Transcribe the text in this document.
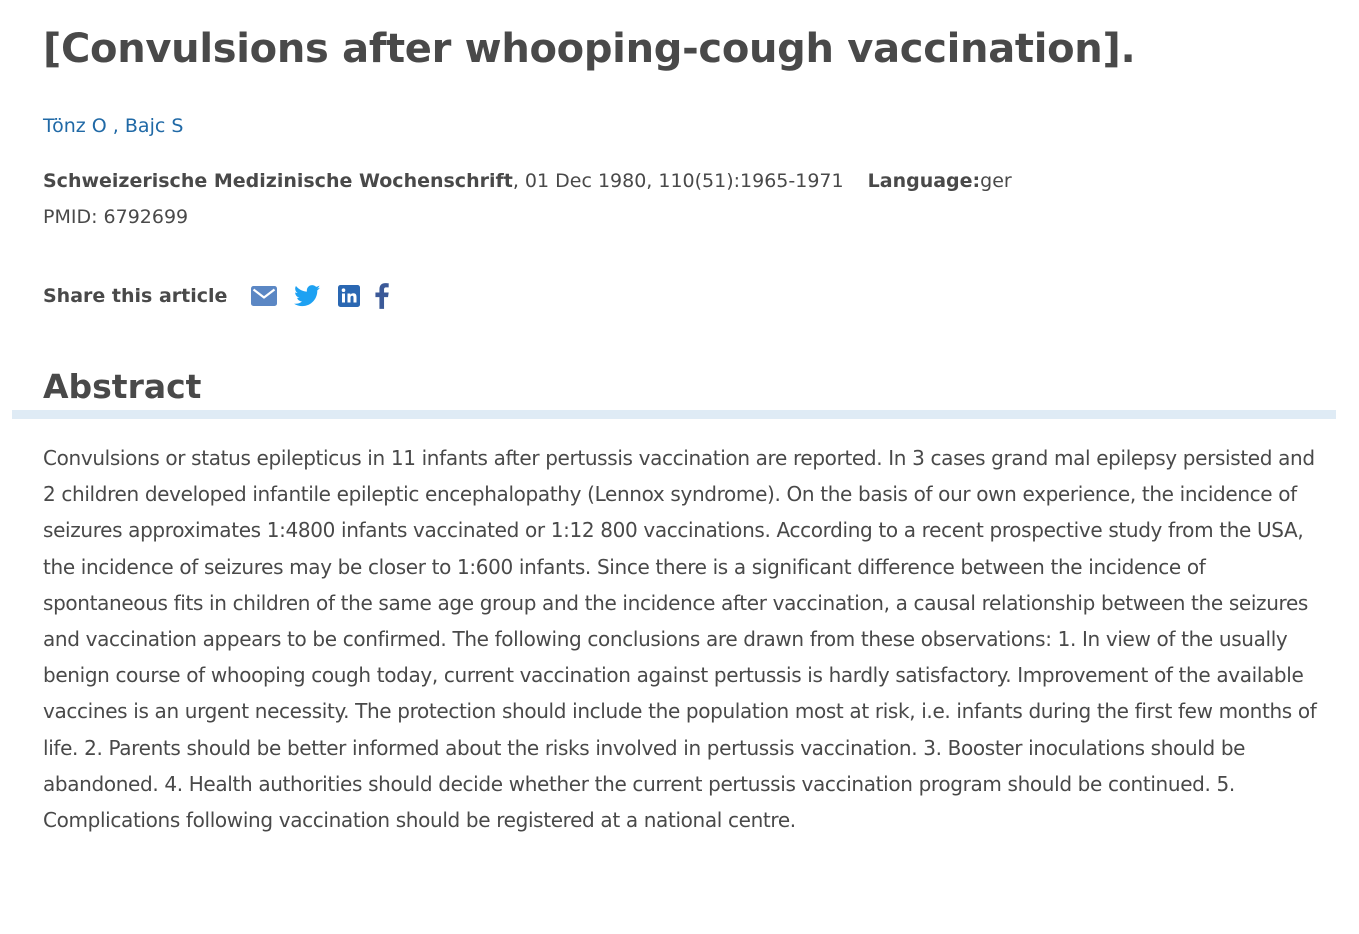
[Convulsions after whooping-cough vaccination].
Tönz O , Bajc S
Schweizerische Medizinische Wochenschrift, 01 Dec 1980, 110(51):1965-1971 Language:ger
PMID: 6792699
Share this article
Abstract

Convulsions or status epilepticus in 11 infants after pertussis vaccination are reported. In 3 cases grand mal epilepsy persisted and 2 children developed infantile epileptic encephalopathy (Lennox syndrome). On the basis of our own experience, the incidence of seizures approximates 1:4800 infants vaccinated or 1:12 800 vaccinations. According to a recent prospective study from the USA, the incidence of seizures may be closer to 1:600 infants. Since there is a significant difference between the incidence of spontaneous fits in children of the same age group and the incidence after vaccination, a causal relationship between the seizures and vaccination appears to be confirmed. The following conclusions are drawn from these observations: 1. In view of the usually benign course of whooping cough today, current vaccination against pertussis is hardly satisfactory. Improvement of the available vaccines is an urgent necessity. The protection should include the population most at risk, i.e. infants during the first few months of life. 2. Parents should be better informed about the risks involved in pertussis vaccination. 3. Booster inoculations should be abandoned. 4. Health authorities should decide whether the current pertussis vaccination program should be continued. 5. Complications following vaccination should be registered at a national centre.
